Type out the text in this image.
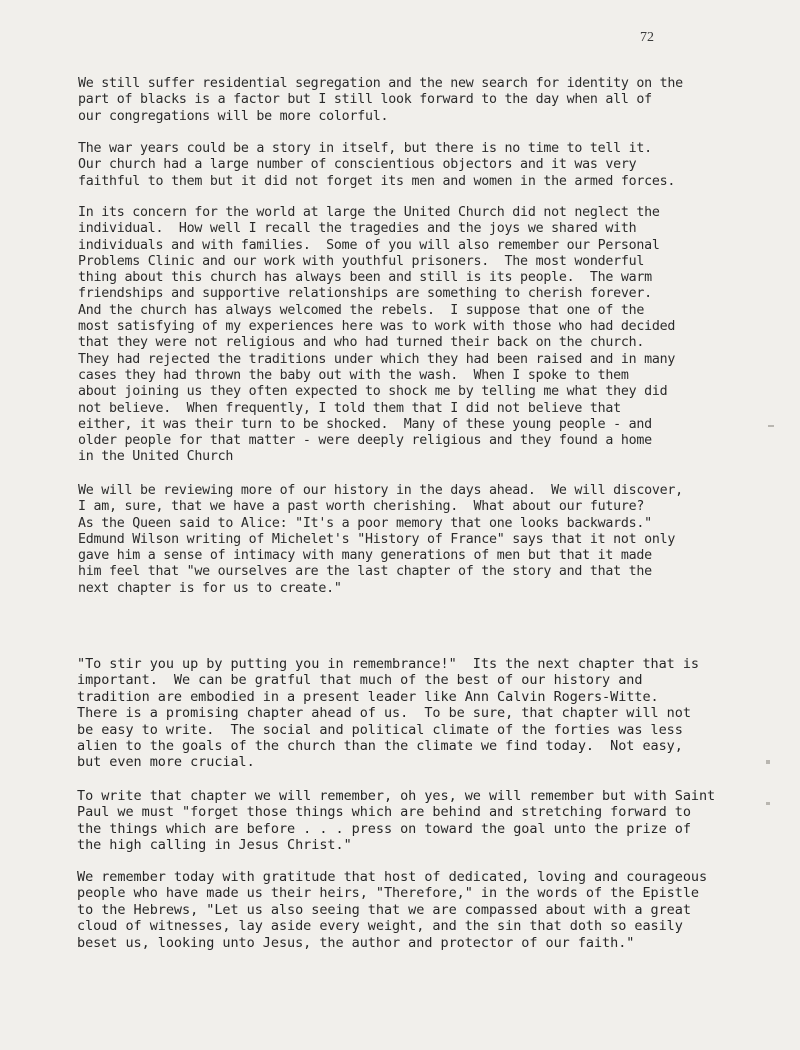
72
We still suffer residential segregation and the new search for identity on the
part of blacks is a factor but I still look forward to the day when all of
our congregations will be more colorful.
The war years could be a story in itself, but there is no time to tell it.
Our church had a large number of conscientious objectors and it was very
faithful to them but it did not forget its men and women in the armed forces.
In its concern for the world at large the United Church did not neglect the
individual.  How well I recall the tragedies and the joys we shared with
individuals and with families.  Some of you will also remember our Personal
Problems Clinic and our work with youthful prisoners.  The most wonderful
thing about this church has always been and still is its people.  The warm
friendships and supportive relationships are something to cherish forever.
And the church has always welcomed the rebels.  I suppose that one of the
most satisfying of my experiences here was to work with those who had decided
that they were not religious and who had turned their back on the church.
They had rejected the traditions under which they had been raised and in many
cases they had thrown the baby out with the wash.  When I spoke to them
about joining us they often expected to shock me by telling me what they did
not believe.  When frequently, I told them that I did not believe that
either, it was their turn to be shocked.  Many of these young people - and
older people for that matter - were deeply religious and they found a home
in the United Church
We will be reviewing more of our history in the days ahead.  We will discover,
I am, sure, that we have a past worth cherishing.  What about our future?
As the Queen said to Alice: "It's a poor memory that one looks backwards."
Edmund Wilson writing of Michelet's "History of France" says that it not only
gave him a sense of intimacy with many generations of men but that it made
him feel that "we ourselves are the last chapter of the story and that the
next chapter is for us to create."
"To stir you up by putting you in remembrance!"  Its the next chapter that is
important.  We can be gratful that much of the best of our history and
tradition are embodied in a present leader like Ann Calvin Rogers-Witte.
There is a promising chapter ahead of us.  To be sure, that chapter will not
be easy to write.  The social and political climate of the forties was less
alien to the goals of the church than the climate we find today.  Not easy,
but even more crucial.
To write that chapter we will remember, oh yes, we will remember but with Saint
Paul we must "forget those things which are behind and stretching forward to
the things which are before . . . press on toward the goal unto the prize of
the high calling in Jesus Christ."
We remember today with gratitude that host of dedicated, loving and courageous
people who have made us their heirs, "Therefore," in the words of the Epistle
to the Hebrews, "Let us also seeing that we are compassed about with a great
cloud of witnesses, lay aside every weight, and the sin that doth so easily
beset us, looking unto Jesus, the author and protector of our faith."
